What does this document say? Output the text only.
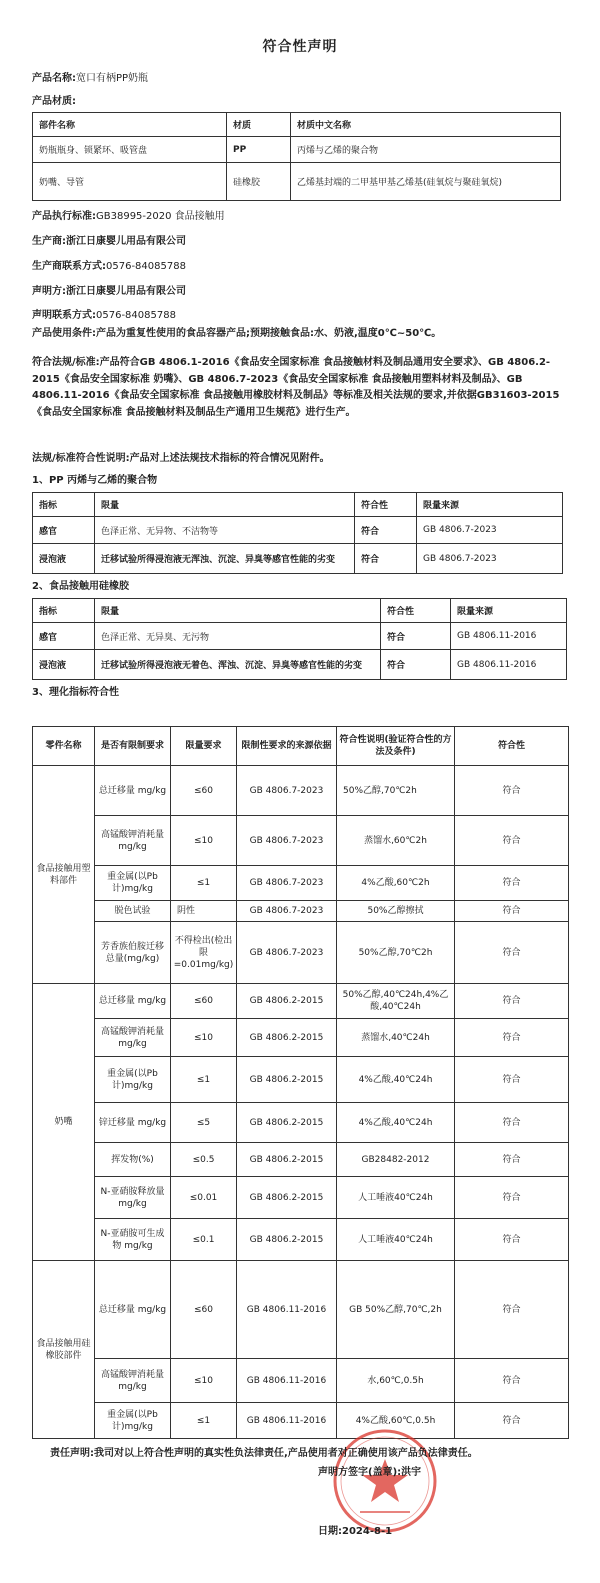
符合性声明
产品名称:宽口有柄PP奶瓶
产品材质:
部件名称	材质	材质中文名称
奶瓶瓶身、锁紧环、吸管盘	PP	丙烯与乙烯的聚合物
奶嘴、导管	硅橡胶	乙烯基封端的二甲基甲基乙烯基(硅氧烷与聚硅氧烷)
产品执行标准:GB38995-2020 食品接触用
生产商:浙江日康婴儿用品有限公司
生产商联系方式:0576-84085788
声明方:浙江日康婴儿用品有限公司
声明联系方式:0576-84085788
产品使用条件:产品为重复性使用的食品容器产品;预期接触食品:水、奶液,温度0℃~50℃。
符合法规/标准:产品符合GB 4806.1-2016《食品安全国家标准 食品接触材料及制品通用安全要求》、GB 4806.2-2015《食品安全国家标准 奶嘴》、GB 4806.7-2023《食品安全国家标准 食品接触用塑料材料及制品》、GB 4806.11-2016《食品安全国家标准 食品接触用橡胶材料及制品》等标准及相关法规的要求,并依据GB31603-2015《食品安全国家标准 食品接触材料及制品生产通用卫生规范》进行生产。
法规/标准符合性说明:产品对上述法规技术指标的符合情况见附件。
1、PP 丙烯与乙烯的聚合物
指标	限量	符合性	限量来源
感官	色泽正常、无异物、不洁物等	符合	GB 4806.7-2023
浸泡液	迁移试验所得浸泡液无浑浊、沉淀、异臭等感官性能的劣变	符合	GB 4806.7-2023
2、食品接触用硅橡胶
指标	限量	符合性	限量来源
感官	色泽正常、无异臭、无污物	符合	GB 4806.11-2016
浸泡液	迁移试验所得浸泡液无着色、浑浊、沉淀、异臭等感官性能的劣变	符合	GB 4806.11-2016
3、理化指标符合性
零件名称	是否有限制要求	限量要求	限制性要求的来源依据	符合性说明(验证符合性的方法及条件)	符合性
食品接触用塑料部件	总迁移量 mg/kg	≤60	GB 4806.7-2023	50%乙醇,70℃2h	符合
	高锰酸钾消耗量 mg/kg	≤10	GB 4806.7-2023	蒸馏水,60℃2h	符合
	重金属(以Pb计)mg/kg	≤1	GB 4806.7-2023	4%乙酸,60℃2h	符合
	脱色试验	阴性	GB 4806.7-2023	50%乙醇擦拭	符合
	芳香族伯胺迁移总量(mg/kg)	不得检出(检出限=0.01mg/kg)	GB 4806.7-2023	50%乙醇,70℃2h	符合
奶嘴	总迁移量 mg/kg	≤60	GB 4806.2-2015	50%乙醇,40℃24h,4%乙酸,40℃24h	符合
	高锰酸钾消耗量 mg/kg	≤10	GB 4806.2-2015	蒸馏水,40℃24h	符合
	重金属(以Pb计)mg/kg	≤1	GB 4806.2-2015	4%乙酸,40℃24h	符合
	锌迁移量 mg/kg	≤5	GB 4806.2-2015	4%乙酸,40℃24h	符合
	挥发物(%)	≤0.5	GB 4806.2-2015	GB28482-2012	符合
	N-亚硝胺释放量 mg/kg	≤0.01	GB 4806.2-2015	人工唾液40℃24h	符合
	N-亚硝胺可生成物 mg/kg	≤0.1	GB 4806.2-2015	人工唾液40℃24h	符合
食品接触用硅橡胶部件	总迁移量 mg/kg	≤60	GB 4806.11-2016	GB 50%乙醇,70℃,2h	符合
	高锰酸钾消耗量 mg/kg	≤10	GB 4806.11-2016	水,60℃,0.5h	符合
	重金属(以Pb计)mg/kg	≤1	GB 4806.11-2016	4%乙酸,60℃,0.5h	符合
责任声明:我司对以上符合性声明的真实性负法律责任,产品使用者对正确使用该产品负法律责任。
声明方签字(盖章):洪宇
日期:2024-8-1
